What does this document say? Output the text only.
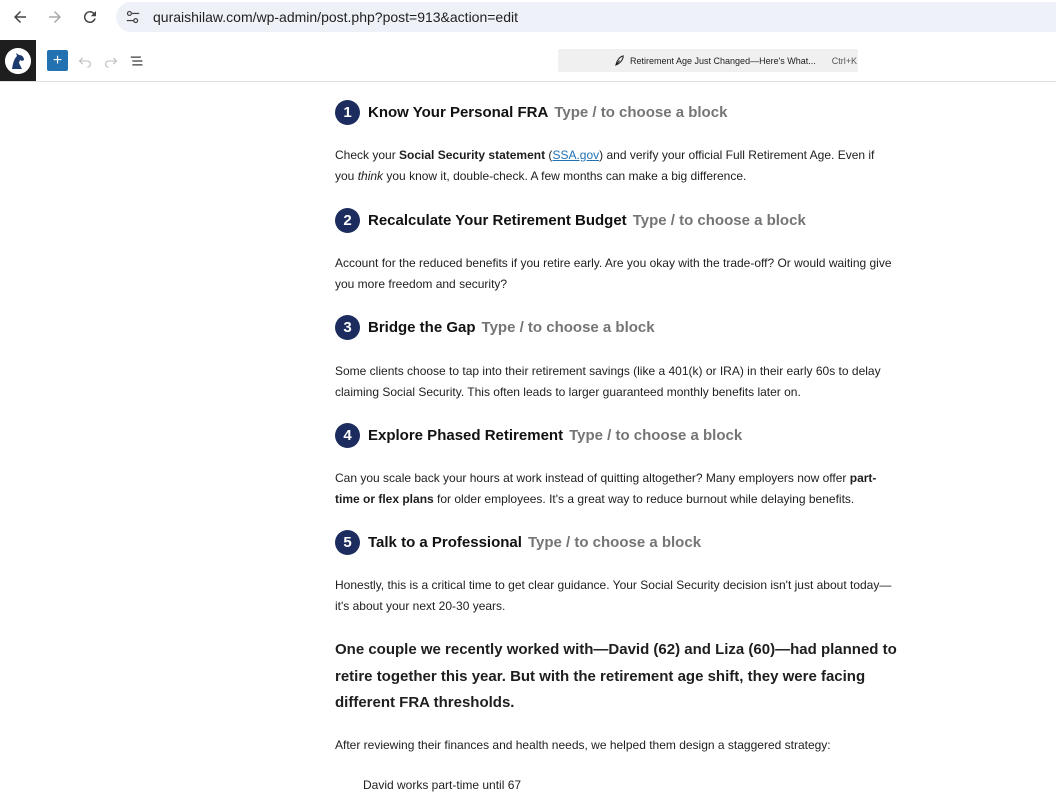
quraishilaw.com/wp-admin/post.php?post=913&action=edit
+	Retirement Age Just Changed—Here's What... Ctrl+K
1	Know Your Personal FRA Type / to choose a block
Check your Social Security statement (SSA.gov) and verify your official Full Retirement Age. Even if you think you know it, double-check. A few months can make a big difference.
2	Recalculate Your Retirement Budget Type / to choose a block
Account for the reduced benefits if you retire early. Are you okay with the trade-off? Or would waiting give you more freedom and security?
3	Bridge the Gap Type / to choose a block
Some clients choose to tap into their retirement savings (like a 401(k) or IRA) in their early 60s to delay claiming Social Security. This often leads to larger guaranteed monthly benefits later on.
4	Explore Phased Retirement Type / to choose a block
Can you scale back your hours at work instead of quitting altogether? Many employers now offer part-time or flex plans for older employees. It's a great way to reduce burnout while delaying benefits.
5	Talk to a Professional Type / to choose a block
Honestly, this is a critical time to get clear guidance. Your Social Security decision isn't just about today—it's about your next 20-30 years.
One couple we recently worked with—David (62) and Liza (60)—had planned to retire together this year. But with the retirement age shift, they were facing different FRA thresholds.
After reviewing their finances and health needs, we helped them design a staggered strategy:
David works part-time until 67
